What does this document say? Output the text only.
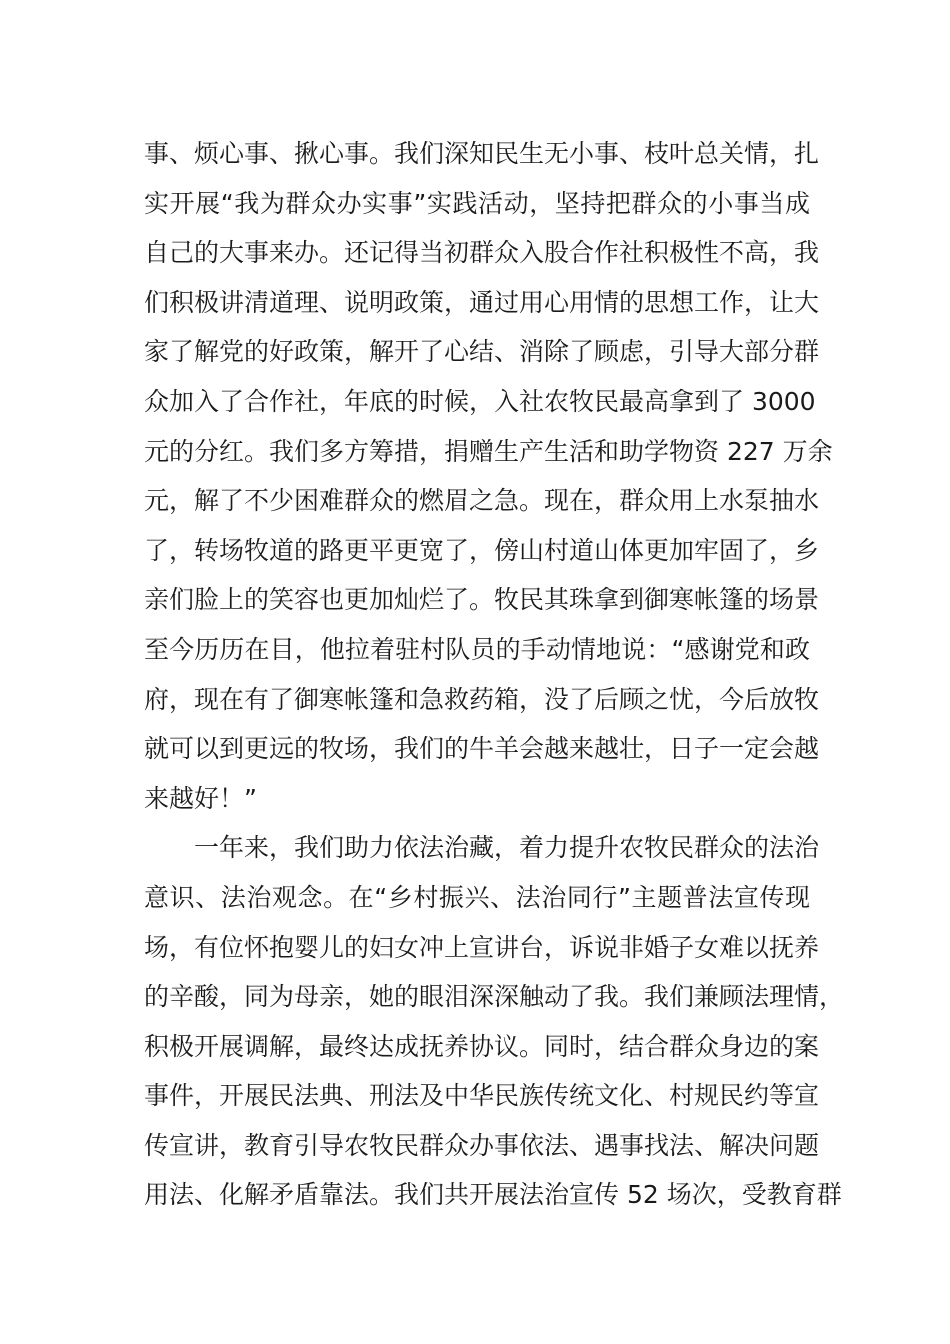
事、烦心事、揪心事。我们深知民生无小事、枝叶总关情，扎
实开展“我为群众办实事”实践活动，坚持把群众的小事当成
自己的大事来办。还记得当初群众入股合作社积极性不高，我
们积极讲清道理、说明政策，通过用心用情的思想工作，让大
家了解党的好政策，解开了心结、消除了顾虑，引导大部分群
众加入了合作社，年底的时候，入社农牧民最高拿到了 3000
元的分红。我们多方筹措，捐赠生产生活和助学物资 227 万余
元，解了不少困难群众的燃眉之急。现在，群众用上水泵抽水
了，转场牧道的路更平更宽了，傍山村道山体更加牢固了，乡
亲们脸上的笑容也更加灿烂了。牧民其珠拿到御寒帐篷的场景
至今历历在目，他拉着驻村队员的手动情地说：“感谢党和政
府，现在有了御寒帐篷和急救药箱，没了后顾之忧，今后放牧
就可以到更远的牧场，我们的牛羊会越来越壮，日子一定会越
来越好！”
一年来，我们助力依法治藏，着力提升农牧民群众的法治
意识、法治观念。在“乡村振兴、法治同行”主题普法宣传现
场，有位怀抱婴儿的妇女冲上宣讲台，诉说非婚子女难以抚养
的辛酸，同为母亲，她的眼泪深深触动了我。我们兼顾法理情，
积极开展调解，最终达成抚养协议。同时，结合群众身边的案
事件，开展民法典、刑法及中华民族传统文化、村规民约等宣
传宣讲，教育引导农牧民群众办事依法、遇事找法、解决问题
用法、化解矛盾靠法。我们共开展法治宣传 52 场次，受教育群
